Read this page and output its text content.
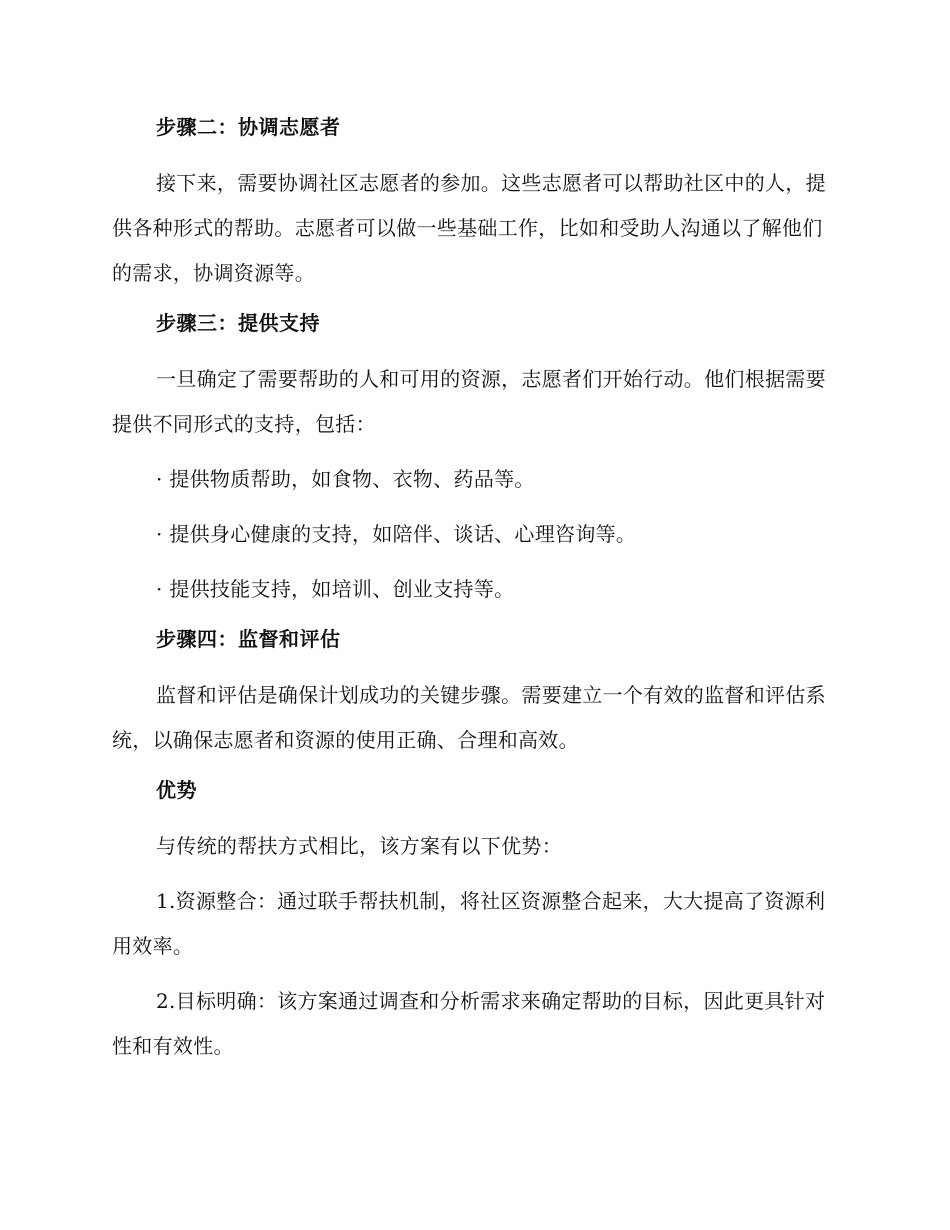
步骤二：协调志愿者

接下来，需要协调社区志愿者的参加。这些志愿者可以帮助社区中的人，提供各种形式的帮助。志愿者可以做一些基础工作，比如和受助人沟通以了解他们的需求，协调资源等。

步骤三：提供支持

一旦确定了需要帮助的人和可用的资源，志愿者们开始行动。他们根据需要提供不同形式的支持，包括：

· 提供物质帮助，如食物、衣物、药品等。

· 提供身心健康的支持，如陪伴、谈话、心理咨询等。

· 提供技能支持，如培训、创业支持等。

步骤四：监督和评估

监督和评估是确保计划成功的关键步骤。需要建立一个有效的监督和评估系统，以确保志愿者和资源的使用正确、合理和高效。

优势

与传统的帮扶方式相比，该方案有以下优势：

1.资源整合：通过联手帮扶机制，将社区资源整合起来，大大提高了资源利用效率。

2.目标明确：该方案通过调查和分析需求来确定帮助的目标，因此更具针对性和有效性。
